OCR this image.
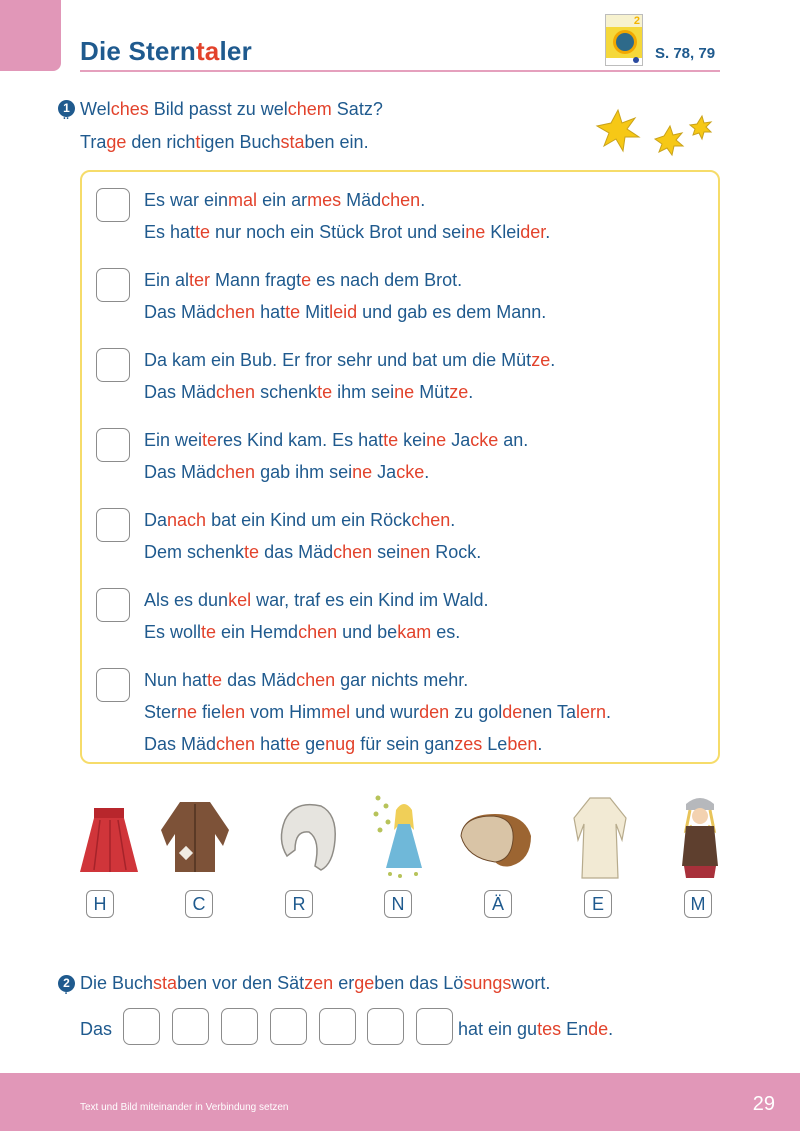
Die Sterntaler
2
S. 78, 79
1
•• Welches Bild passt zu welchem Satz?
Trage den richtigen Buchstaben ein.
Es war einmal ein armes Mädchen.
Es hatte nur noch ein Stück Brot und seine Kleider.
Ein alter Mann fragte es nach dem Brot.
Das Mädchen hatte Mitleid und gab es dem Mann.
Da kam ein Bub. Er fror sehr und bat um die Mütze.
Das Mädchen schenkte ihm seine Mütze.
Ein weiteres Kind kam. Es hatte keine Jacke an.
Das Mädchen gab ihm seine Jacke.
Danach bat ein Kind um ein Röckchen.
Dem schenkte das Mädchen seinen Rock.
Als es dunkel war, traf es ein Kind im Wald.
Es wollte ein Hemdchen und bekam es.
Nun hatte das Mädchen gar nichts mehr.
Sterne fielen vom Himmel und wurden zu goldenen Talern.
Das Mädchen hatte genug für sein ganzes Leben.
H	C	R	N	Ä	E	M
2
•
Die Buchstaben vor den Sätzen ergeben das Lösungswort.
Das	hat ein gutes Ende.
Text und Bild miteinander in Verbindung setzen	29
